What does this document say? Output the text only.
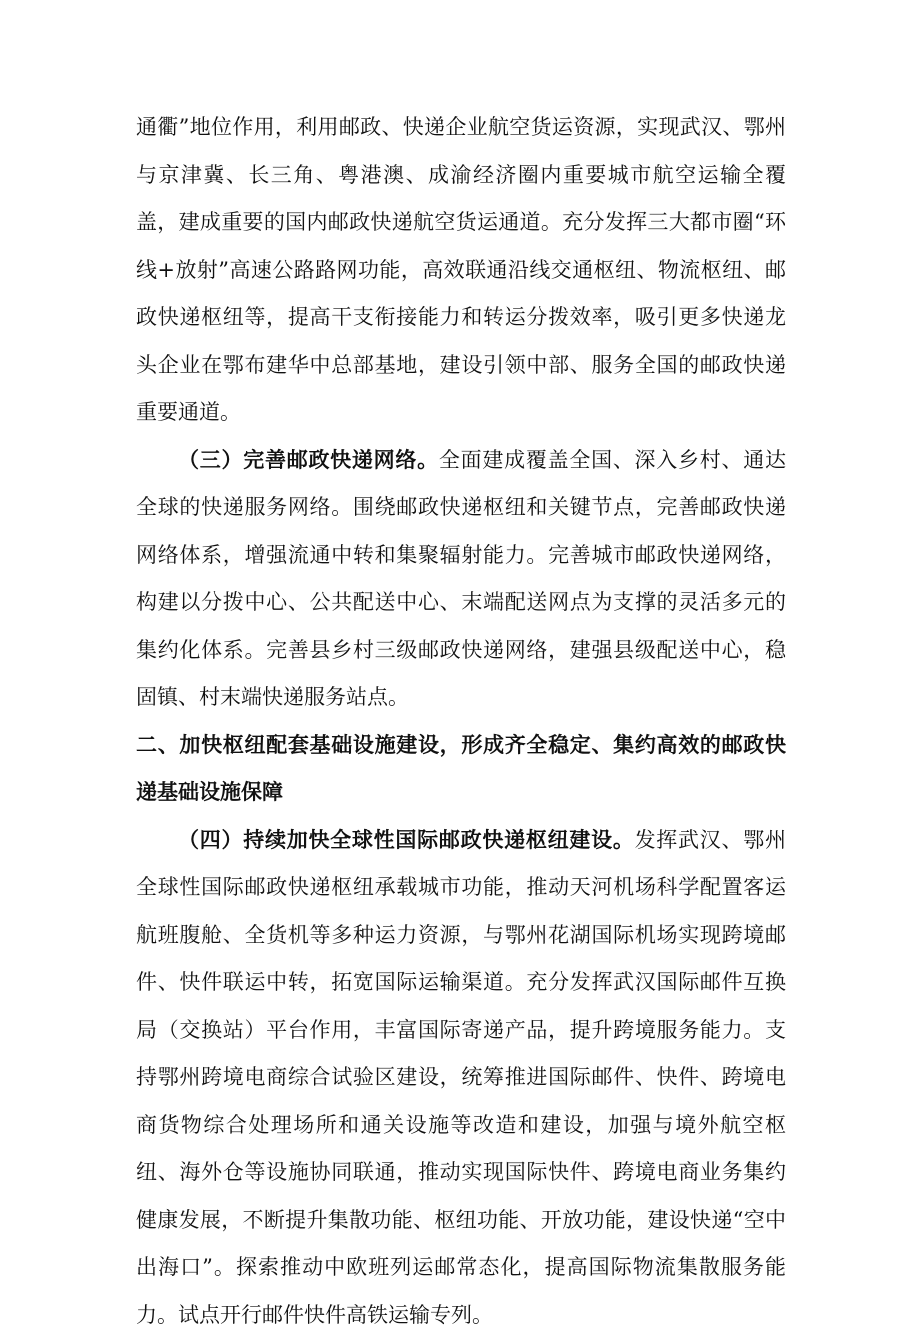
通衢”地位作用，利用邮政、快递企业航空货运资源，实现武汉、鄂州与京津冀、长三角、粤港澳、成渝经济圈内重要城市航空运输全覆盖，建成重要的国内邮政快递航空货运通道。充分发挥三大都市圈“环线+放射”高速公路路网功能，高效联通沿线交通枢纽、物流枢纽、邮政快递枢纽等，提高干支衔接能力和转运分拨效率，吸引更多快递龙头企业在鄂布建华中总部基地，建设引领中部、服务全国的邮政快递重要通道。

（三）完善邮政快递网络。全面建成覆盖全国、深入乡村、通达全球的快递服务网络。围绕邮政快递枢纽和关键节点，完善邮政快递网络体系，增强流通中转和集聚辐射能力。完善城市邮政快递网络，构建以分拨中心、公共配送中心、末端配送网点为支撑的灵活多元的集约化体系。完善县乡村三级邮政快递网络，建强县级配送中心，稳固镇、村末端快递服务站点。

二、加快枢纽配套基础设施建设，形成齐全稳定、集约高效的邮政快递基础设施保障

（四）持续加快全球性国际邮政快递枢纽建设。发挥武汉、鄂州全球性国际邮政快递枢纽承载城市功能，推动天河机场科学配置客运航班腹舱、全货机等多种运力资源，与鄂州花湖国际机场实现跨境邮件、快件联运中转，拓宽国际运输渠道。充分发挥武汉国际邮件互换局（交换站）平台作用，丰富国际寄递产品，提升跨境服务能力。支持鄂州跨境电商综合试验区建设，统筹推进国际邮件、快件、跨境电商货物综合处理场所和通关设施等改造和建设，加强与境外航空枢纽、海外仓等设施协同联通，推动实现国际快件、跨境电商业务集约健康发展，不断提升集散功能、枢纽功能、开放功能，建设快递“空中出海口”。探索推动中欧班列运邮常态化，提高国际物流集散服务能力。试点开行邮件快件高铁运输专列。
